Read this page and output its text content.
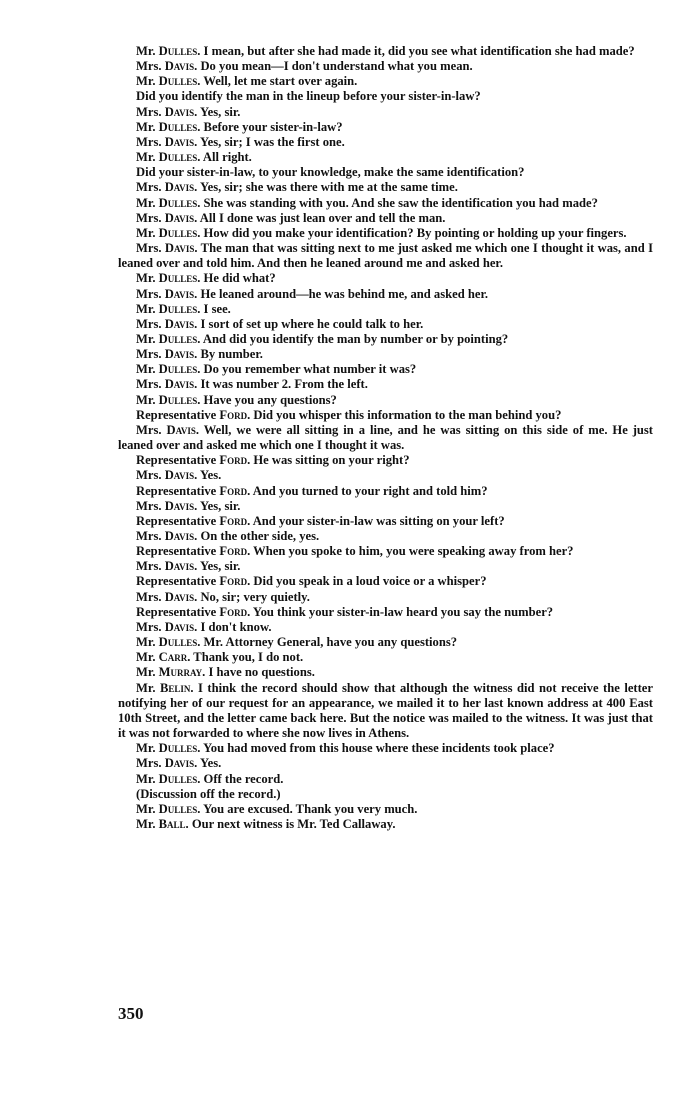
Mr. Dulles. I mean, but after she had made it, did you see what identification she had made?

Mrs. Davis. Do you mean—I don't understand what you mean.

Mr. Dulles. Well, let me start over again.

Did you identify the man in the lineup before your sister-in-law?

Mrs. Davis. Yes, sir.

Mr. Dulles. Before your sister-in-law?

Mrs. Davis. Yes, sir; I was the first one.

Mr. Dulles. All right.

Did your sister-in-law, to your knowledge, make the same identification?

Mrs. Davis. Yes, sir; she was there with me at the same time.

Mr. Dulles. She was standing with you. And she saw the identification you had made?

Mrs. Davis. All I done was just lean over and tell the man.

Mr. Dulles. How did you make your identification? By pointing or holding up your fingers.

Mrs. Davis. The man that was sitting next to me just asked me which one I thought it was, and I leaned over and told him. And then he leaned around me and asked her.

Mr. Dulles. He did what?

Mrs. Davis. He leaned around—he was behind me, and asked her.

Mr. Dulles. I see.

Mrs. Davis. I sort of set up where he could talk to her.

Mr. Dulles. And did you identify the man by number or by pointing?

Mrs. Davis. By number.

Mr. Dulles. Do you remember what number it was?

Mrs. Davis. It was number 2. From the left.

Mr. Dulles. Have you any questions?

Representative Ford. Did you whisper this information to the man behind you?

Mrs. Davis. Well, we were all sitting in a line, and he was sitting on this side of me. He just leaned over and asked me which one I thought it was.

Representative Ford. He was sitting on your right?

Mrs. Davis. Yes.

Representative Ford. And you turned to your right and told him?

Mrs. Davis. Yes, sir.

Representative Ford. And your sister-in-law was sitting on your left?

Mrs. Davis. On the other side, yes.

Representative Ford. When you spoke to him, you were speaking away from her?

Mrs. Davis. Yes, sir.

Representative Ford. Did you speak in a loud voice or a whisper?

Mrs. Davis. No, sir; very quietly.

Representative Ford. You think your sister-in-law heard you say the number?

Mrs. Davis. I don't know.

Mr. Dulles. Mr. Attorney General, have you any questions?

Mr. Carr. Thank you, I do not.

Mr. Murray. I have no questions.

Mr. Belin. I think the record should show that although the witness did not receive the letter notifying her of our request for an appearance, we mailed it to her last known address at 400 East 10th Street, and the letter came back here. But the notice was mailed to the witness. It was just that it was not forwarded to where she now lives in Athens.

Mr. Dulles. You had moved from this house where these incidents took place?

Mrs. Davis. Yes.

Mr. Dulles. Off the record.

(Discussion off the record.)

Mr. Dulles. You are excused. Thank you very much.

Mr. Ball. Our next witness is Mr. Ted Callaway.

350
